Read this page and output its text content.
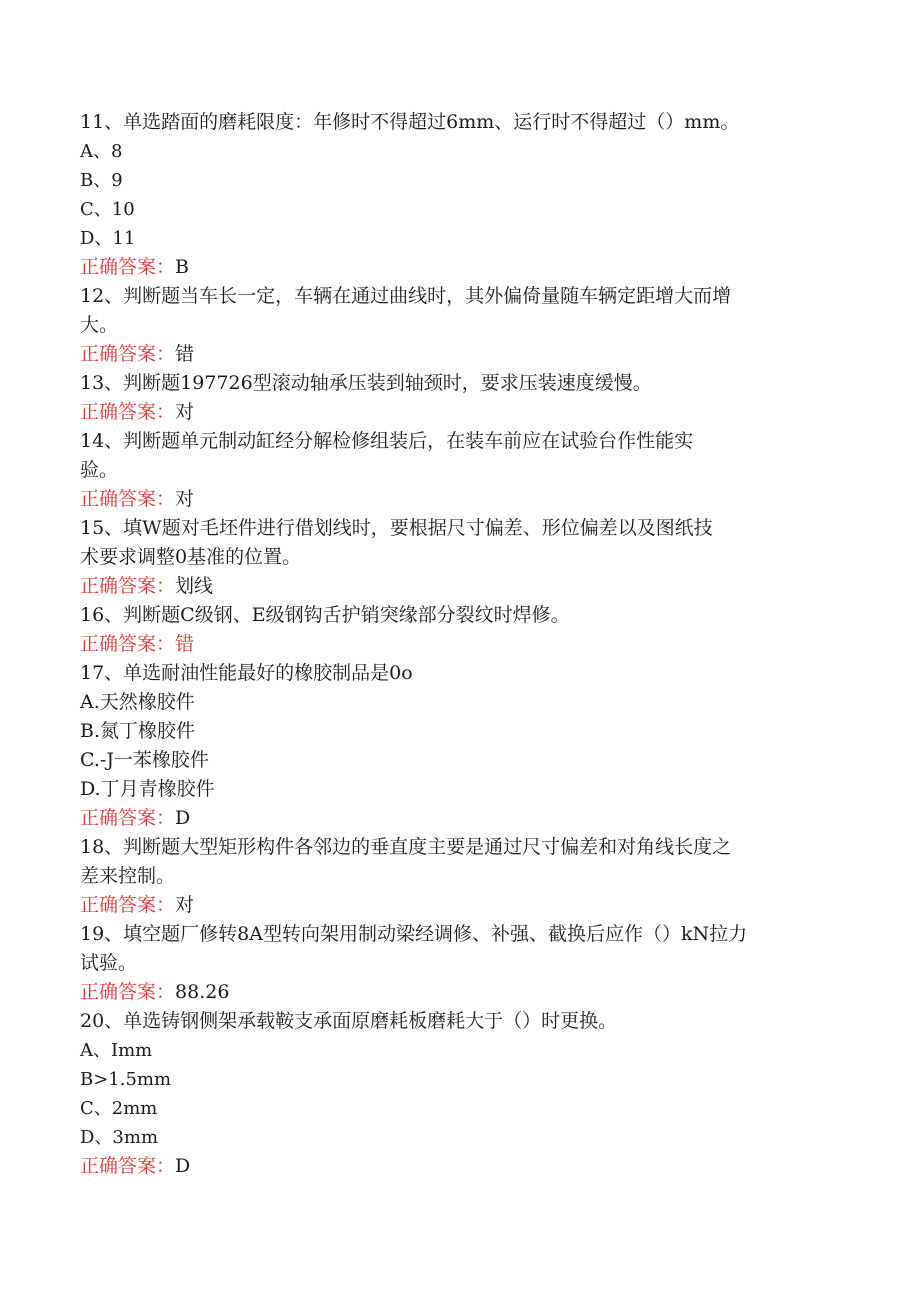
11、单选踏面的磨耗限度：年修时不得超过6mm、运行时不得超过（）mm。
A、8
B、9
C、10
D、11
正确答案：B
12、判断题当车长一定，车辆在通过曲线时，其外偏倚量随车辆定距增大而增
大。
正确答案：错
13、判断题197726型滚动轴承压装到轴颈时，要求压装速度缓慢。
正确答案：对
14、判断题单元制动缸经分解检修组装后，在装车前应在试验台作性能实
验。
正确答案：对
15、填W题对毛坯件进行借划线时，要根据尺寸偏差、形位偏差以及图纸技
术要求调整0基准的位置。
正确答案：划线
16、判断题C级钢、E级钢钩舌护销突缘部分裂纹时焊修。
正确答案：错
17、单选耐油性能最好的橡胶制品是0o
A.天然橡胶件
B.氮丁橡胶件
C.-J一苯橡胶件
D.丁月青橡胶件
正确答案：D
18、判断题大型矩形构件各邻边的垂直度主要是通过尺寸偏差和对角线长度之
差来控制。
正确答案：对
19、填空题厂修转8A型转向架用制动梁经调修、补强、截换后应作（）kN拉力
试验。
正确答案：88.26
20、单选铸钢侧架承载鞍支承面原磨耗板磨耗大于（）时更换。
A、Imm
B>1.5mm
C、2mm
D、3mm
正确答案：D
